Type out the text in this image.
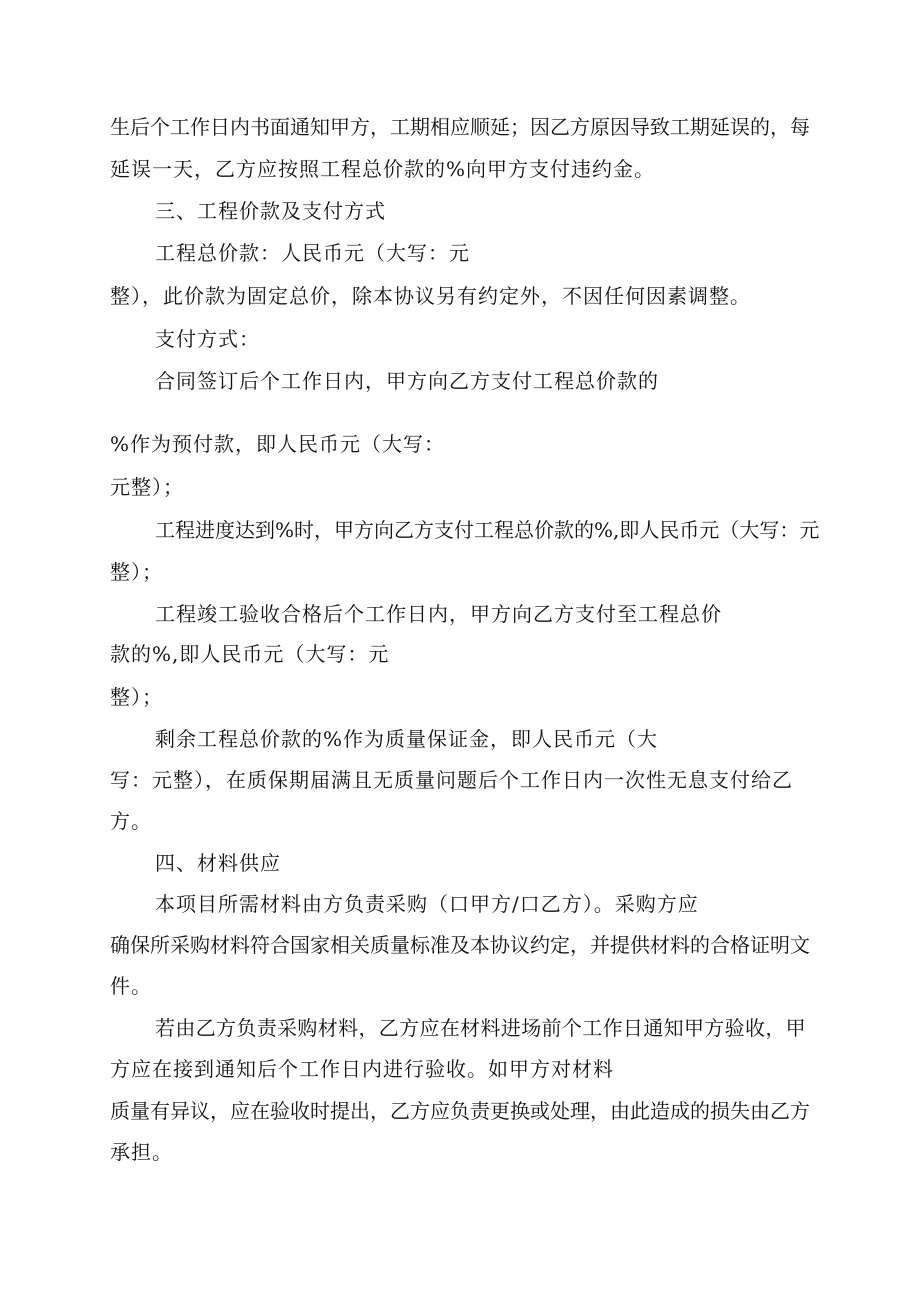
生 后 个 工 作 日 内 书 面 通 知 甲 方 ， 工 期 相 应 顺 延 ； 因 乙 方 原 因 导 致 工 期 延 误 的 ， 每
延误一天，乙方应按照工程总价款的%向甲方支付违约金。
三、工程价款及支付方式
工程总价款：人民币元（大写：元
整），此价款为固定总价，除本协议另有约定外，不因任何因素调整。
支付方式：
合同签订后个工作日内，甲方向乙方支付工程总价款的
%作为预付款，即人民币元（大写：
元整）；
工 程 进 度 达 到 % 时 ， 甲 方 向 乙 方 支 付 工 程 总 价 款 的 % , 即 人 民 币 元 （ 大 写 ： 元
整）；
工程竣工验收合格后个工作日内，甲方向乙方支付至工程总价
款的%,即人民币元（大写：元
整）；
剩余工程总价款的%作为质量保证金，即人民币元（大
写：元整），在质保期届满且无质量问题后个工作日内一次性无息支付给乙
方。
四、材料供应
本项目所需材料由方负责采购（口甲方/口乙方）。采购方应
确 保 所 采 购 材 料 符 合 国 家 相 关 质 量 标 准 及 本 协 议 约 定 ， 并 提 供 材 料 的 合 格 证 明 文
件。
若 由 乙 方 负 责 采 购 材 料 ， 乙 方 应 在 材 料 进 场 前 个 工 作 日 通 知 甲 方 验 收 ， 甲
方应在接到通知后个工作日内进行验收。如甲方对材料
质 量 有 异 议 ， 应 在 验 收 时 提 出 ， 乙 方 应 负 责 更 换 或 处 理 ， 由 此 造 成 的 损 失 由 乙 方
承担。
